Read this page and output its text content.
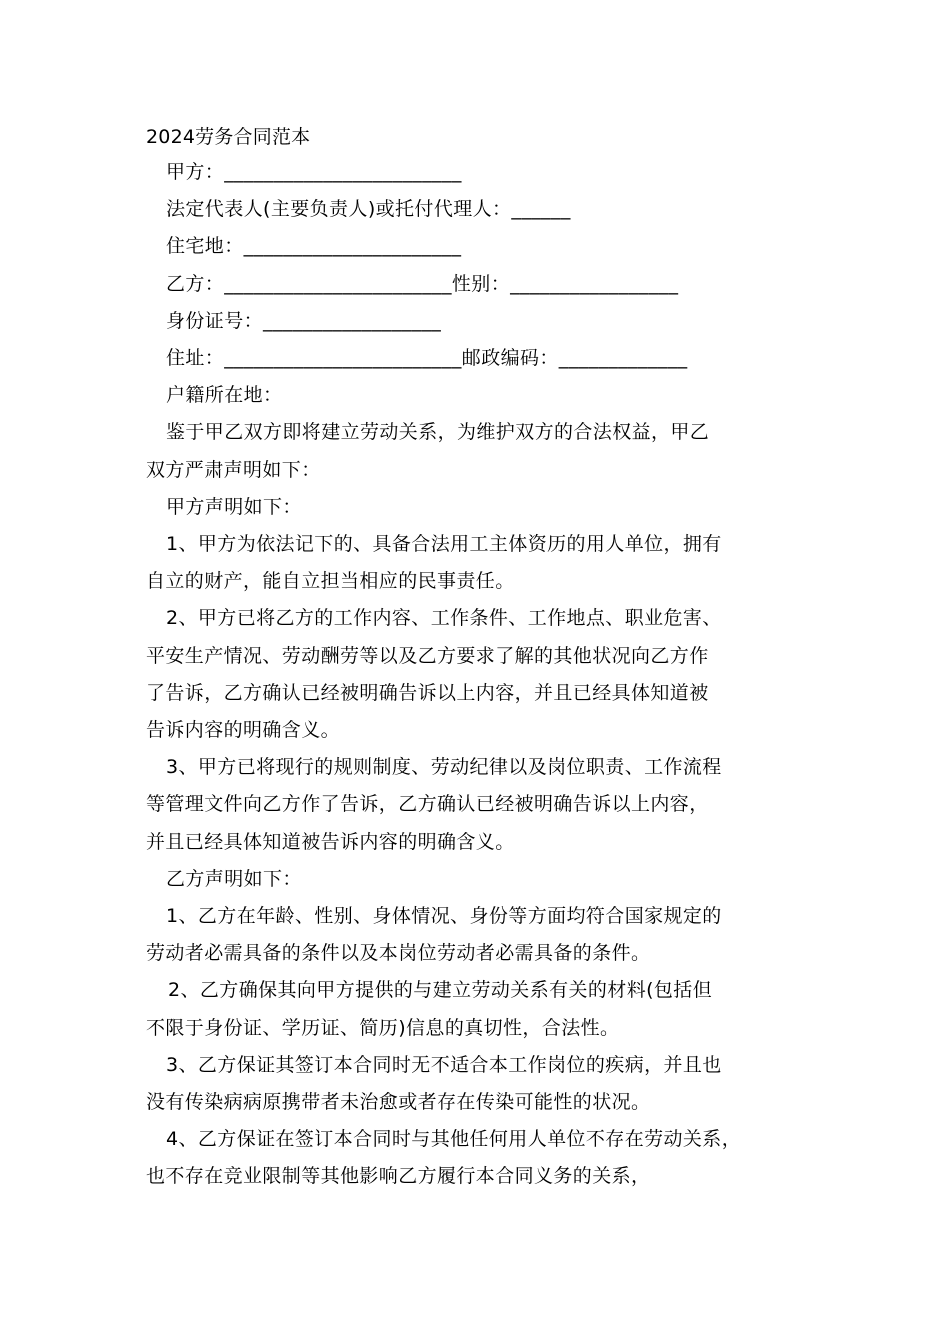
2024劳务合同范本
甲方：________________________
法定代表人(主要负责人)或托付代理人：______
住宅地：______________________
乙方：_______________________性别：_________________
身份证号：__________________
住址：________________________邮政编码：_____________
户籍所在地：
鉴于甲乙双方即将建立劳动关系，为维护双方的合法权益，甲乙
双方严肃声明如下：
甲方声明如下：
1、甲方为依法记下的、具备合法用工主体资历的用人单位，拥有
自立的财产，能自立担当相应的民事责任。
2、甲方已将乙方的工作内容、工作条件、工作地点、职业危害、
平安生产情况、劳动酬劳等以及乙方要求了解的其他状况向乙方作
了告诉，乙方确认已经被明确告诉以上内容，并且已经具体知道被
告诉内容的明确含义。
3、甲方已将现行的规则制度、劳动纪律以及岗位职责、工作流程
等管理文件向乙方作了告诉，乙方确认已经被明确告诉以上内容，
并且已经具体知道被告诉内容的明确含义。
乙方声明如下：
1、乙方在年龄、性别、身体情况、身份等方面均符合国家规定的
劳动者必需具备的条件以及本岗位劳动者必需具备的条件。
2、乙方确保其向甲方提供的与建立劳动关系有关的材料(包括但
不限于身份证、学历证、简历)信息的真切性，合法性。
3、乙方保证其签订本合同时无不适合本工作岗位的疾病，并且也
没有传染病病原携带者未治愈或者存在传染可能性的状况。
4、乙方保证在签订本合同时与其他任何用人单位不存在劳动关系，
也不存在竞业限制等其他影响乙方履行本合同义务的关系，
